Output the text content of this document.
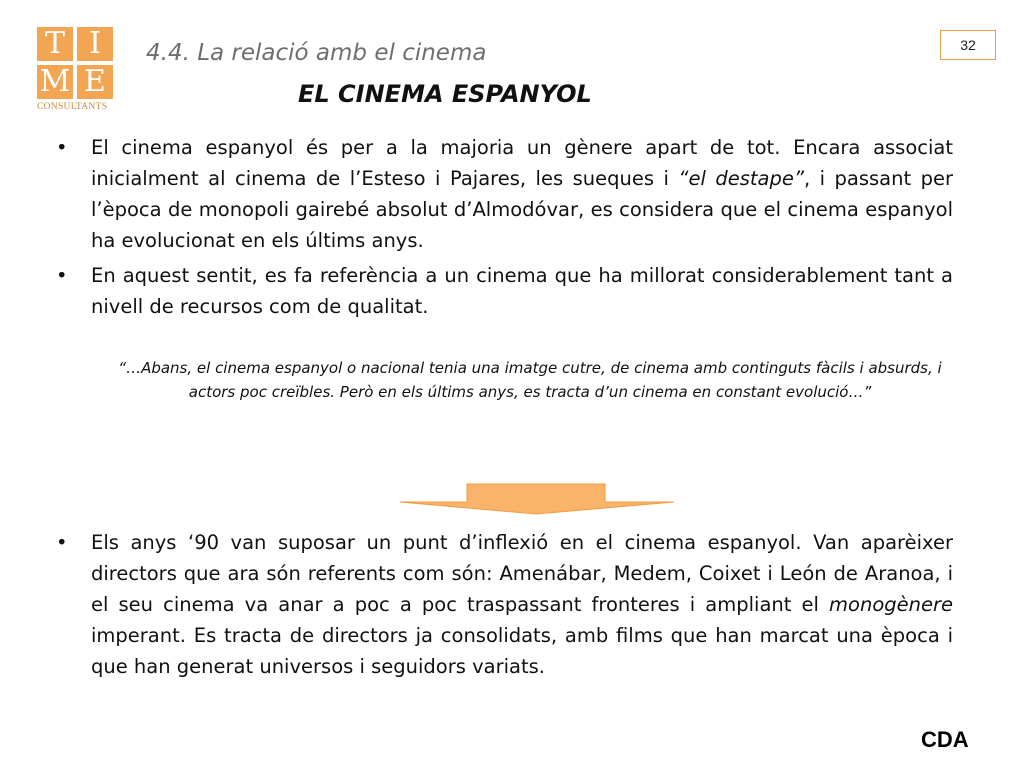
T I
M E
CONSULTANTS
4.4. La relació amb el cinema
EL CINEMA ESPANYOL
32
• El cinema espanyol és per a la majoria un gènere apart de tot. Encara associat inicialment al cinema de l’Esteso i Pajares, les sueques i “el destape”, i passant per l’època de monopoli gairebé absolut d’Almodóvar, es considera que el cinema espanyol ha evolucionat en els últims anys.
• En aquest sentit, es fa referència a un cinema que ha millorat considerablement tant a nivell de recursos com de qualitat.

“…Abans, el cinema espanyol o nacional tenia una imatge cutre, de cinema amb continguts fàcils i absurds, i actors poc creïbles. Però en els últims anys, es tracta d’un cinema en constant evolució…”

• Els anys ‘90 van suposar un punt d’inflexió en el cinema espanyol. Van aparèixer directors que ara són referents com són: Amenábar, Medem, Coixet i León de Aranoa, i el seu cinema va anar a poc a poc traspassant fronteres i ampliant el monogènere imperant. Es tracta de directors ja consolidats, amb films que han marcat una època i que han generat universos i seguidors variats.
CDA
